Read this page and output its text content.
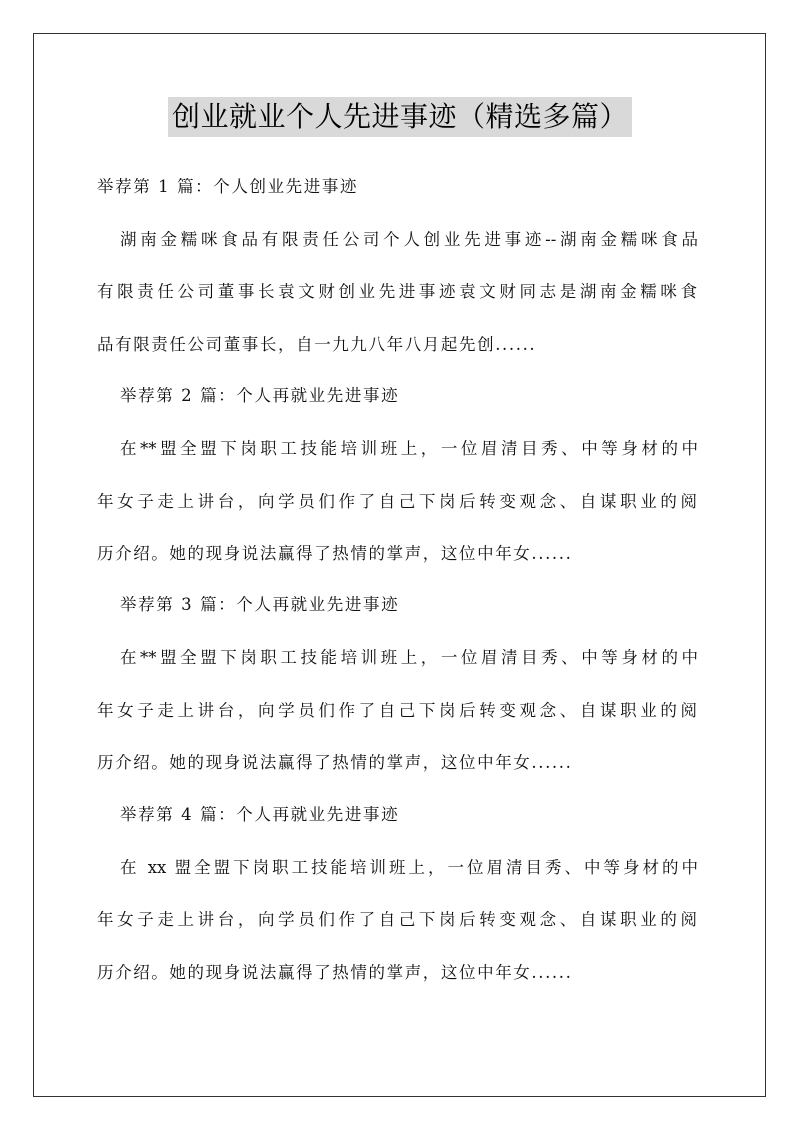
创业就业个人先进事迹（精选多篇）
举荐第 1 篇：个人创业先进事迹
湖南金糯咪食品有限责任公司个人创业先进事迹--湖南金糯咪食品
有限责任公司董事长袁文财创业先进事迹袁文财同志是湖南金糯咪食
品有限责任公司董事长，自一九九八年八月起先创......
举荐第 2 篇：个人再就业先进事迹
在**盟全盟下岗职工技能培训班上，一位眉清目秀、中等身材的中
年女子走上讲台，向学员们作了自己下岗后转变观念、自谋职业的阅
历介绍。她的现身说法赢得了热情的掌声，这位中年女......
举荐第 3 篇：个人再就业先进事迹
在**盟全盟下岗职工技能培训班上，一位眉清目秀、中等身材的中
年女子走上讲台，向学员们作了自己下岗后转变观念、自谋职业的阅
历介绍。她的现身说法赢得了热情的掌声，这位中年女......
举荐第 4 篇：个人再就业先进事迹
在 xx 盟全盟下岗职工技能培训班上，一位眉清目秀、中等身材的中
年女子走上讲台，向学员们作了自己下岗后转变观念、自谋职业的阅
历介绍。她的现身说法赢得了热情的掌声，这位中年女......
